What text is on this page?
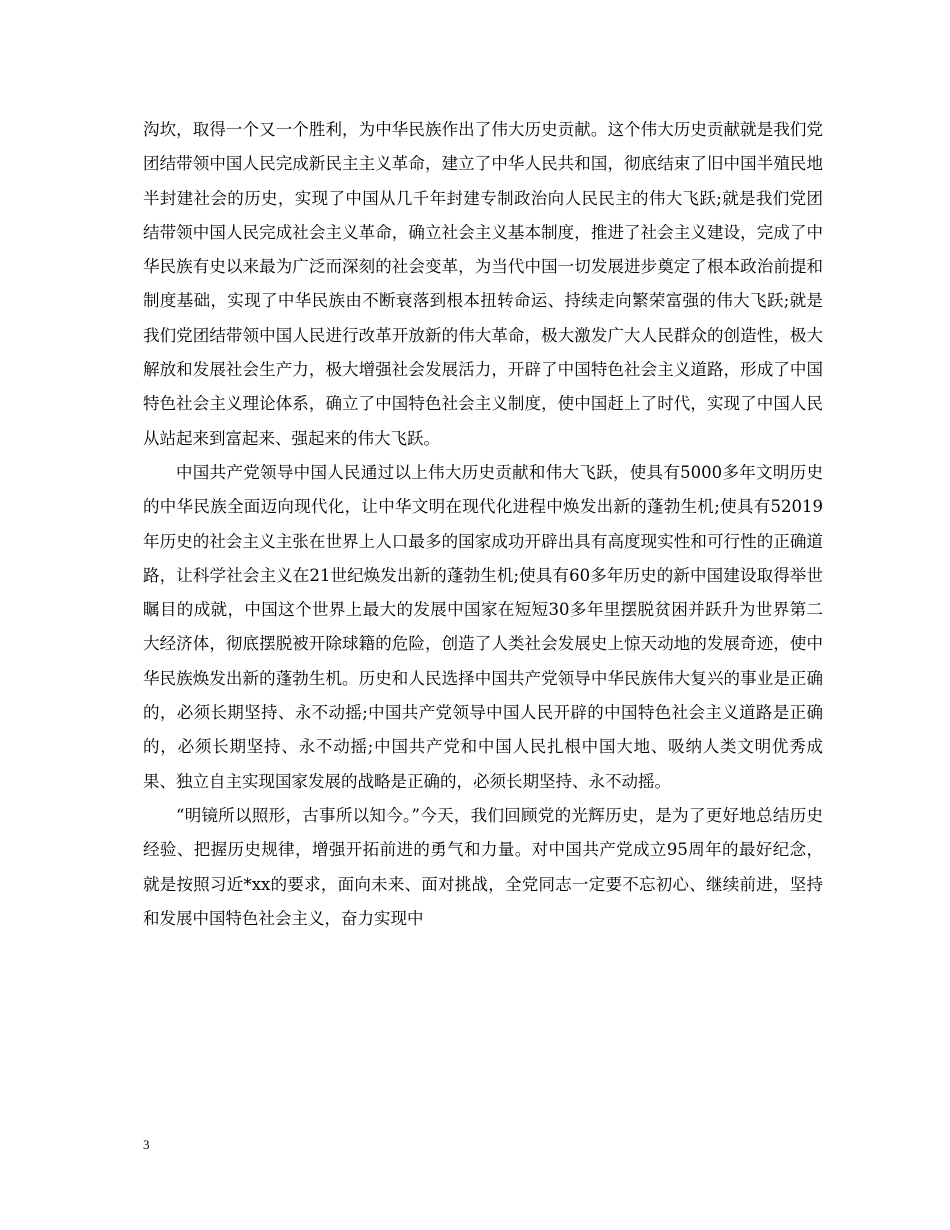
沟坎，取得一个又一个胜利，为中华民族作出了伟大历史贡献。这个伟大历史贡献就是我们党团结带领中国人民完成新民主主义革命，建立了中华人民共和国，彻底结束了旧中国半殖民地半封建社会的历史，实现了中国从几千年封建专制政治向人民民主的伟大飞跃;就是我们党团结带领中国人民完成社会主义革命，确立社会主义基本制度，推进了社会主义建设，完成了中华民族有史以来最为广泛而深刻的社会变革，为当代中国一切发展进步奠定了根本政治前提和制度基础，实现了中华民族由不断衰落到根本扭转命运、持续走向繁荣富强的伟大飞跃;就是我们党团结带领中国人民进行改革开放新的伟大革命，极大激发广大人民群众的创造性，极大解放和发展社会生产力，极大增强社会发展活力，开辟了中国特色社会主义道路，形成了中国特色社会主义理论体系，确立了中国特色社会主义制度，使中国赶上了时代，实现了中国人民从站起来到富起来、强起来的伟大飞跃。

中国共产党领导中国人民通过以上伟大历史贡献和伟大飞跃，使具有5000多年文明历史的中华民族全面迈向现代化，让中华文明在现代化进程中焕发出新的蓬勃生机;使具有52019年历史的社会主义主张在世界上人口最多的国家成功开辟出具有高度现实性和可行性的正确道路，让科学社会主义在21世纪焕发出新的蓬勃生机;使具有60多年历史的新中国建设取得举世瞩目的成就，中国这个世界上最大的发展中国家在短短30多年里摆脱贫困并跃升为世界第二大经济体，彻底摆脱被开除球籍的危险，创造了人类社会发展史上惊天动地的发展奇迹，使中华民族焕发出新的蓬勃生机。历史和人民选择中国共产党领导中华民族伟大复兴的事业是正确的，必须长期坚持、永不动摇;中国共产党领导中国人民开辟的中国特色社会主义道路是正确的，必须长期坚持、永不动摇;中国共产党和中国人民扎根中国大地、吸纳人类文明优秀成果、独立自主实现国家发展的战略是正确的，必须长期坚持、永不动摇。

“明镜所以照形，古事所以知今。”今天，我们回顾党的光辉历史，是为了更好地总结历史经验、把握历史规律，增强开拓前进的勇气和力量。对中国共产党成立95周年的最好纪念，就是按照习近*xx的要求，面向未来、面对挑战，全党同志一定要不忘初心、继续前进，坚持和发展中国特色社会主义，奋力实现中

3
